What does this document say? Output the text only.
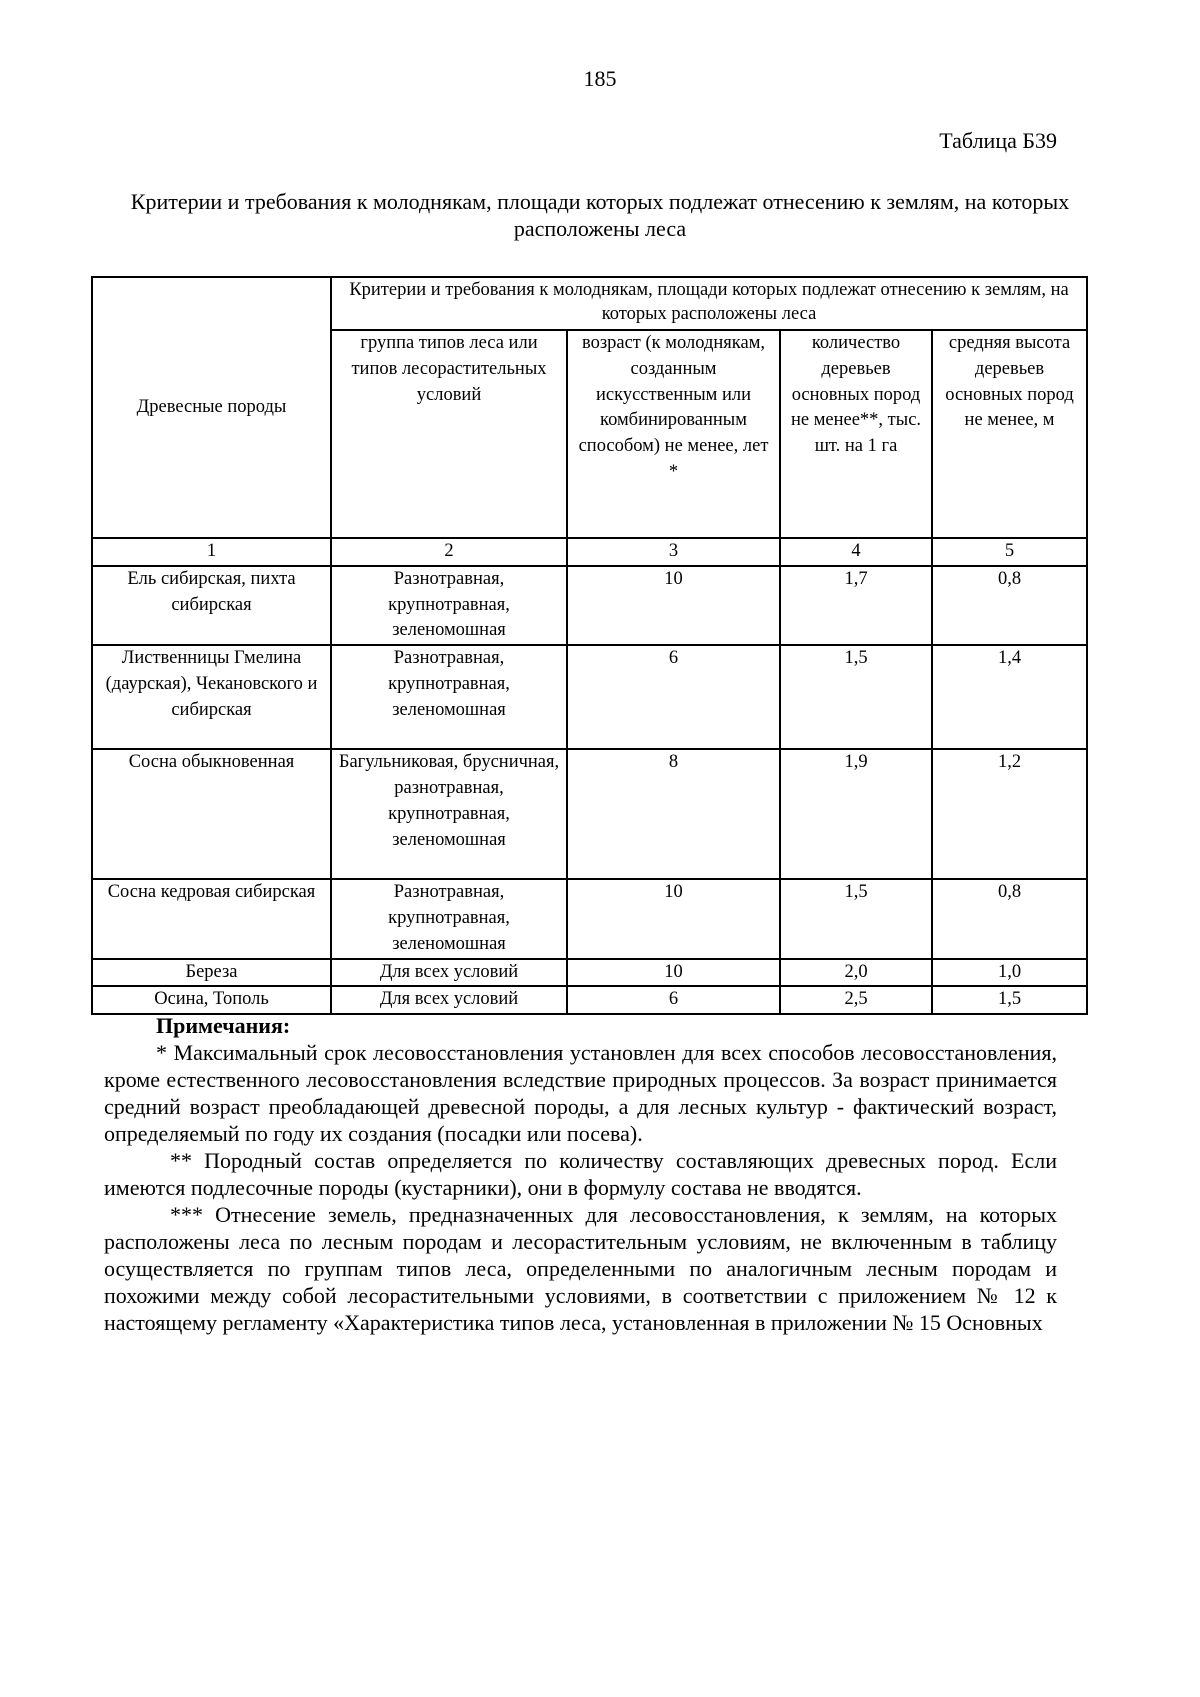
185
Таблица Б39
Критерии и требования к молоднякам, площади которых подлежат отнесению к землям, на которых расположены леса
Древесные породы	Критерии и требования к молоднякам, площади которых подлежат отнесению к землям, на которых расположены леса			
	группа типов леса или типов лесорастительных условий	возраст (к молоднякам, созданным искусственным или комбинированным способом) не менее, лет *	количество деревьев основных пород не менее**, тыс. шт. на 1 га	средняя высота деревьев основных пород не менее, м
1	2	3	4	5
Ель сибирская, пихта сибирская	Разнотравная, крупнотравная, зеленомошная	10	1,7	0,8
Лиственницы Гмелина (даурская), Чекановского и сибирская	Разнотравная, крупнотравная, зеленомошная	6	1,5	1,4
Сосна обыкновенная	Багульниковая, брусничная, разнотравная, крупнотравная, зеленомошная	8	1,9	1,2
Сосна кедровая сибирская	Разнотравная, крупнотравная, зеленомошная	10	1,5	0,8
Береза	Для всех условий	10	2,0	1,0
Осина, Тополь	Для всех условий	6	2,5	1,5
Примечания:

* Максимальный срок лесовосстановления установлен для всех способов лесовосстановления, кроме естественного лесовосстановления вследствие природных процессов. За возраст принимается средний возраст преобладающей древесной породы, а для лесных культур - фактический возраст, определяемый по году их создания (посадки или посева).

** Породный состав определяется по количеству составляющих древесных пород. Если имеются подлесочные породы (кустарники), они в формулу состава не вводятся.

*** Отнесение земель, предназначенных для лесовосстановления, к землям, на которых расположены леса по лесным породам и лесорастительным условиям, не включенным в таблицу осуществляется по группам типов леса, определенными по аналогичным лесным породам и похожими между собой лесорастительными условиями, в соответствии с приложением № 12 к настоящему регламенту «Характеристика типов леса, установленная в приложении № 15 Основных
